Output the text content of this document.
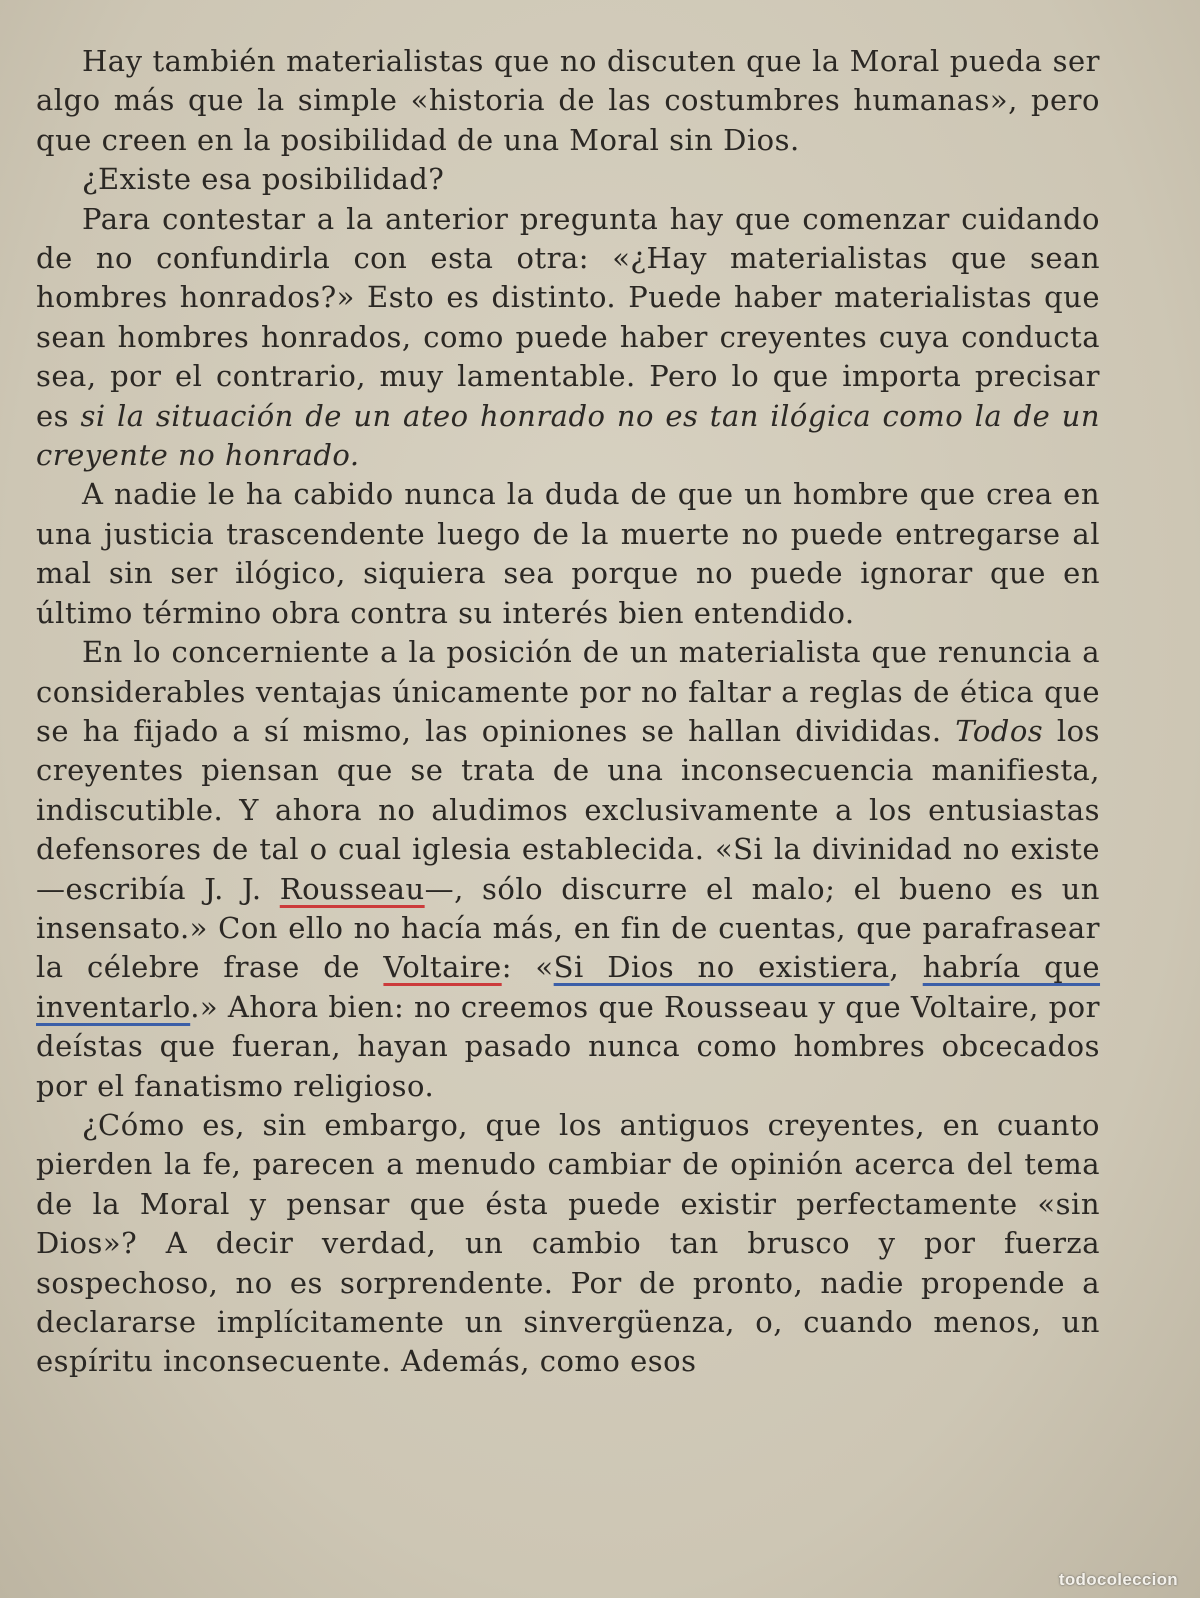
Hay también materialistas que no discuten que la Moral pueda ser algo más que la simple «historia de las costumbres humanas», pero que creen en la posibilidad de una Moral sin Dios.

¿Existe esa posibilidad?

Para contestar a la anterior pregunta hay que comenzar cuidando de no confundirla con esta otra: «¿Hay materialistas que sean hombres honrados?» Esto es distinto. Puede haber materialistas que sean hombres honrados, como puede haber creyentes cuya conducta sea, por el contrario, muy lamentable. Pero lo que importa precisar es si la situación de un ateo honrado no es tan ilógica como la de un creyente no honrado.

A nadie le ha cabido nunca la duda de que un hombre que crea en una justicia trascendente luego de la muerte no puede entregarse al mal sin ser ilógico, siquiera sea porque no puede ignorar que en último término obra contra su interés bien entendido.

En lo concerniente a la posición de un materialista que renuncia a considerables ventajas únicamente por no faltar a reglas de ética que se ha fijado a sí mismo, las opiniones se hallan divididas. Todos los creyentes piensan que se trata de una inconsecuencia manifiesta, indiscutible. Y ahora no aludimos exclusivamente a los entusiastas defensores de tal o cual iglesia establecida. «Si la divinidad no existe—escribía J. J. Rousseau—, sólo discurre el malo; el bueno es un insensato.» Con ello no hacía más, en fin de cuentas, que parafrasear la célebre frase de Voltaire: «Si Dios no existiera, habría que inventarlo.» Ahora bien: no creemos que Rousseau y que Voltaire, por deístas que fueran, hayan pasado nunca como hombres obcecados por el fanatismo religioso.

¿Cómo es, sin embargo, que los antiguos creyentes, en cuanto pierden la fe, parecen a menudo cambiar de opinión acerca del tema de la Moral y pensar que ésta puede existir perfectamente «sin Dios»? A decir verdad, un cambio tan brusco y por fuerza sospechoso, no es sorprendente. Por de pronto, nadie propende a declararse implícitamente un sinvergüenza, o, cuando menos, un espíritu inconsecuente. Además, como esos

todocoleccion
